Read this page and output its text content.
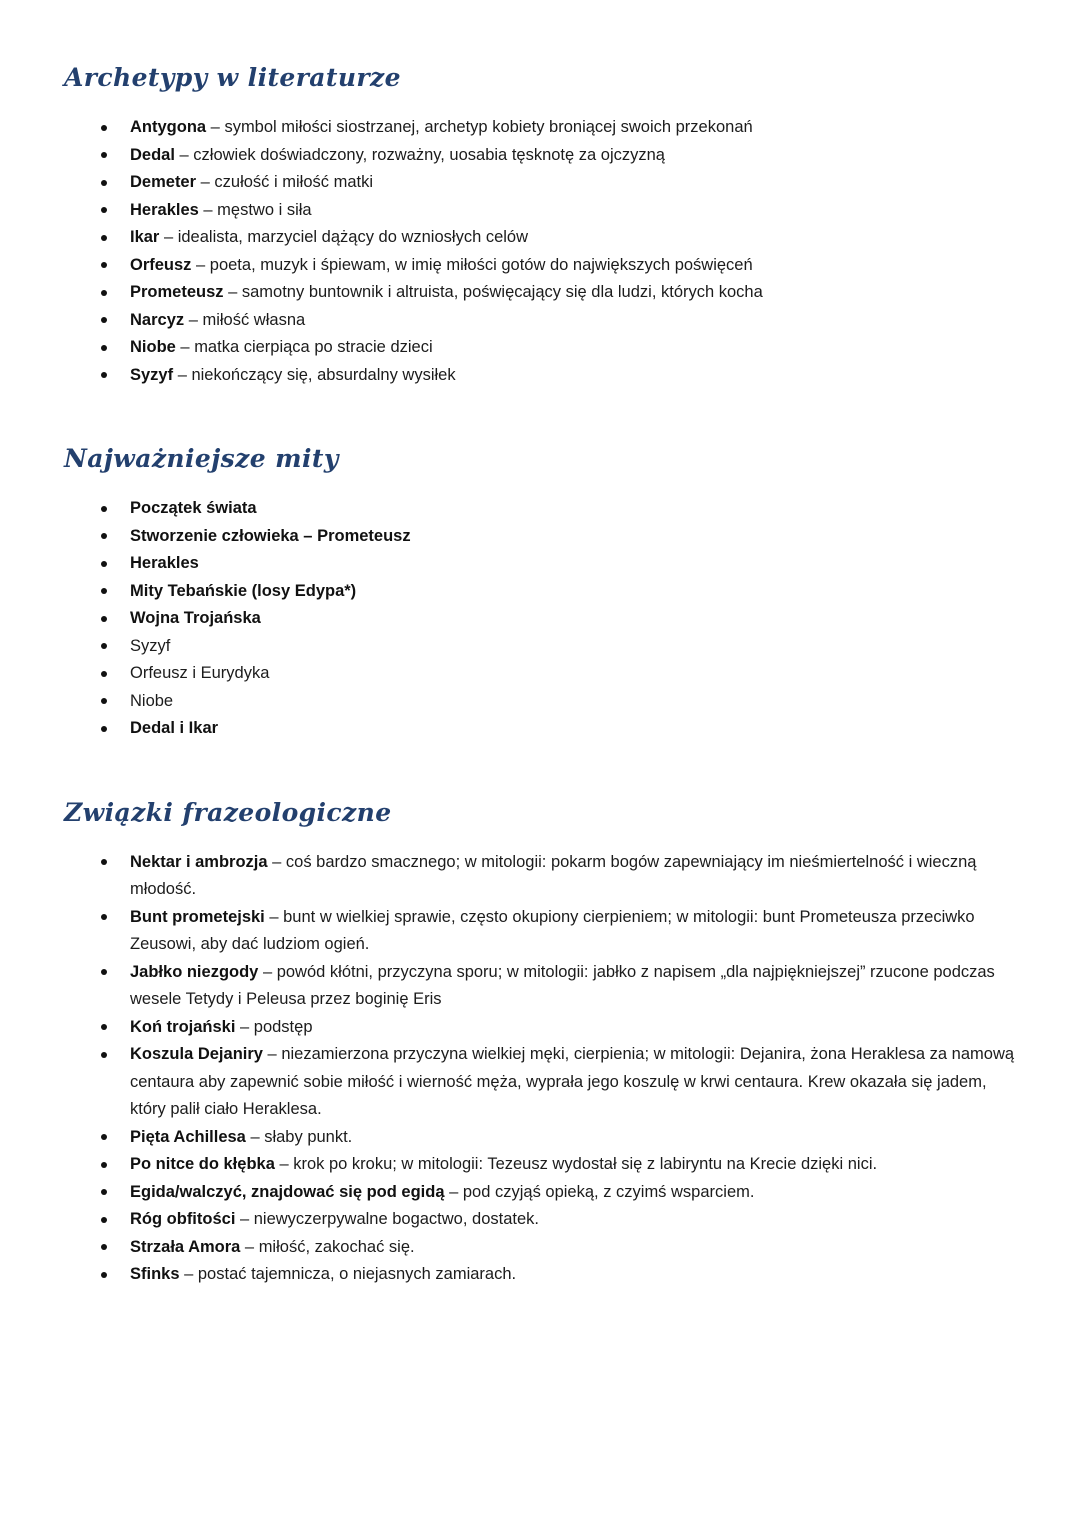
Archetypy w literaturze
Antygona – symbol miłości siostrzanej, archetyp kobiety broniącej swoich przekonań
Dedal – człowiek doświadczony, rozważny, uosabia tęsknotę za ojczyzną
Demeter – czułość i miłość matki
Herakles – męstwo i siła
Ikar – idealista, marzyciel dążący do wzniosłych celów
Orfeusz – poeta, muzyk i śpiewam, w imię miłości gotów do największych poświęceń
Prometeusz – samotny buntownik i altruista, poświęcający się dla ludzi, których kocha
Narcyz – miłość własna
Niobe – matka cierpiąca po stracie dzieci
Syzyf – niekończący się, absurdalny wysiłek
Najważniejsze mity
Początek świata
Stworzenie człowieka – Prometeusz
Herakles
Mity Tebańskie (losy Edypa*)
Wojna Trojańska
Syzyf
Orfeusz i Eurydyka
Niobe
Dedal i Ikar
Związki frazeologiczne
Nektar i ambrozja – coś bardzo smacznego; w mitologii: pokarm bogów zapewniający im nieśmiertelność i wieczną młodość.
Bunt prometejski – bunt w wielkiej sprawie, często okupiony cierpieniem; w mitologii: bunt Prometeusza przeciwko Zeusowi, aby dać ludziom ogień.
Jabłko niezgody – powód kłótni, przyczyna sporu; w mitologii: jabłko z napisem „dla najpiękniejszej” rzucone podczas wesele Tetydy i Peleusa przez boginię Eris
Koń trojański – podstęp
Koszula Dejaniry – niezamierzona przyczyna wielkiej męki, cierpienia; w mitologii: Dejanira, żona Heraklesa za namową centaura aby zapewnić sobie miłość i wierność męża, wyprała jego koszulę w krwi centaura. Krew okazała się jadem, który palił ciało Heraklesa.
Pięta Achillesa – słaby punkt.
Po nitce do kłębka – krok po kroku; w mitologii: Tezeusz wydostał się z labiryntu na Krecie dzięki nici.
Egida/walczyć, znajdować się pod egidą – pod czyjąś opieką, z czyimś wsparciem.
Róg obfitości – niewyczerpywalne bogactwo, dostatek.
Strzała Amora – miłość, zakochać się.
Sfinks – postać tajemnicza, o niejasnych zamiarach.
